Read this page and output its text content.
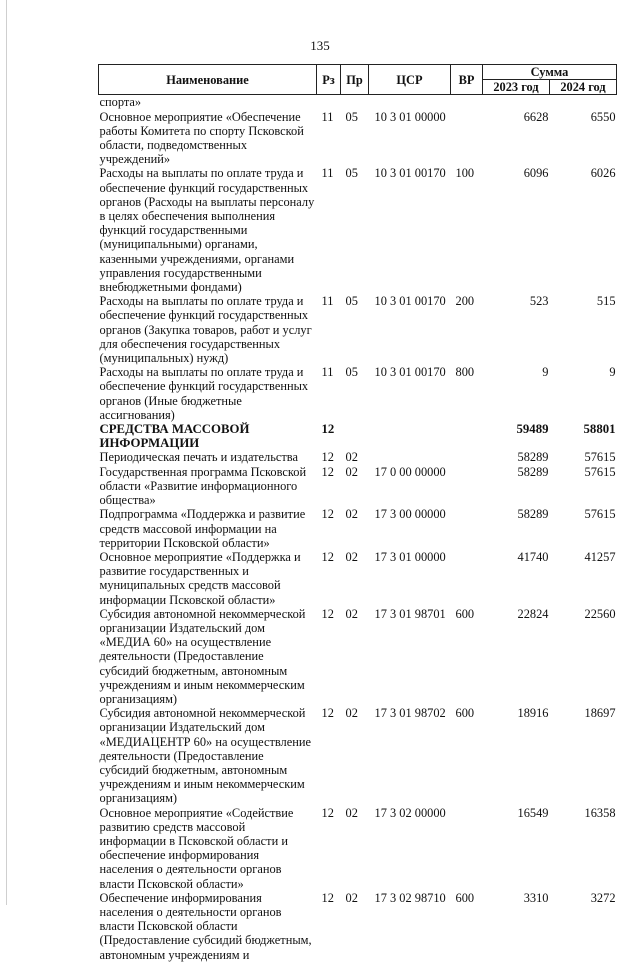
135
Наименование	Рз	Пр	ЦСР	ВР	Сумма	
					2023 год	2024 год
спорта»						
Основное мероприятие «Обеспечение работы Комитета по спорту Псковской области, подведомственных учреждений»	11	05	10 3 01 00000		6628	6550
Расходы на выплаты по оплате труда и обеспечение функций государственных органов (Расходы на выплаты персоналу в целях обеспечения выполнения функций государственными (муниципальными) органами, казенными учреждениями, органами управления государственными внебюджетными фондами)	11	05	10 3 01 00170	100	6096	6026
Расходы на выплаты по оплате труда и обеспечение функций государственных органов (Закупка товаров, работ и услуг для обеспечения государственных (муниципальных) нужд)	11	05	10 3 01 00170	200	523	515
Расходы на выплаты по оплате труда и обеспечение функций государственных органов (Иные бюджетные ассигнования)	11	05	10 3 01 00170	800	9	9
СРЕДСТВА МАССОВОЙ ИНФОРМАЦИИ	12				59489	58801
Периодическая печать и издательства	12	02			58289	57615
Государственная программа Псковской области «Развитие информационного общества»	12	02	17 0 00 00000		58289	57615
Подпрограмма «Поддержка и развитие средств массовой информации на территории Псковской области»	12	02	17 3 00 00000		58289	57615
Основное мероприятие «Поддержка и развитие государственных и муниципальных средств массовой информации Псковской области»	12	02	17 3 01 00000		41740	41257
Субсидия автономной некоммерческой организации Издательский дом «МЕДИА 60» на осуществление деятельности (Предоставление субсидий бюджетным, автономным учреждениям и иным некоммерческим организациям)	12	02	17 3 01 98701	600	22824	22560
Субсидия автономной некоммерческой организации Издательский дом «МЕДИАЦЕНТР 60» на осуществление деятельности (Предоставление субсидий бюджетным, автономным учреждениям и иным некоммерческим организациям)	12	02	17 3 01 98702	600	18916	18697
Основное мероприятие «Содействие развитию средств массовой информации в Псковской области и обеспечение информирования населения о деятельности органов власти Псковской области»	12	02	17 3 02 00000		16549	16358
Обеспечение информирования населения о деятельности органов власти Псковской области (Предоставление субсидий бюджетным, автономным учреждениям и	12	02	17 3 02 98710	600	3310	3272
